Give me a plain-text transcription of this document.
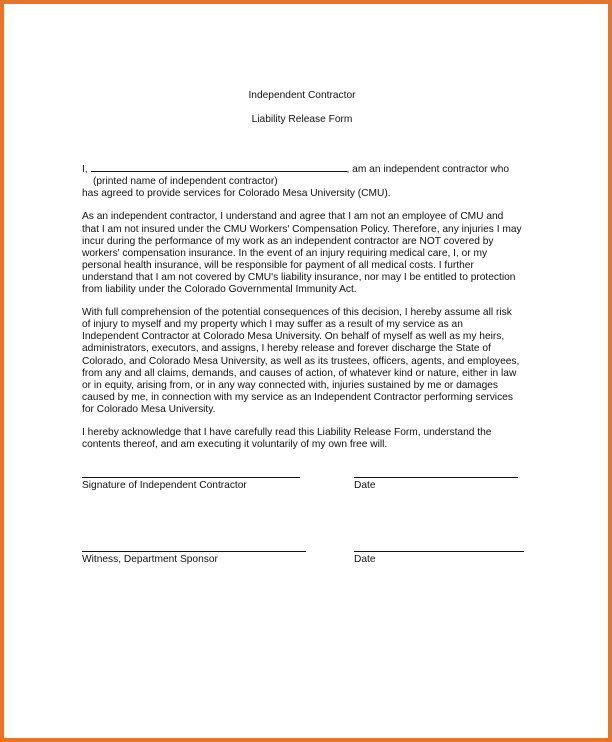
Independent Contractor

Liability Release Form

I,	, am an independent contractor who
(printed name of independent contractor)
has agreed to provide services for Colorado Mesa University (CMU).

As an independent contractor, I understand and agree that I am not an employee of CMU and that I am not insured under the CMU Workers' Compensation Policy. Therefore, any injuries I may incur during the performance of my work as an independent contractor are NOT covered by workers' compensation insurance. In the event of an injury requiring medical care, I, or my personal health insurance, will be responsible for payment of all medical costs. I further understand that I am not covered by CMU's liability insurance, nor may I be entitled to protection from liability under the Colorado Governmental Immunity Act.

With full comprehension of the potential consequences of this decision, I hereby assume all risk of injury to myself and my property which I may suffer as a result of my service as an Independent Contractor at Colorado Mesa University. On behalf of myself as well as my heirs, administrators, executors, and assigns, I hereby release and forever discharge the State of Colorado, and Colorado Mesa University, as well as its trustees, officers, agents, and employees, from any and all claims, demands, and causes of action, of whatever kind or nature, either in law or in equity, arising from, or in any way connected with, injuries sustained by me or damages caused by me, in connection with my service as an Independent Contractor performing services for Colorado Mesa University.

I hereby acknowledge that I have carefully read this Liability Release Form, understand the contents thereof, and am executing it voluntarily of my own free will.

Signature of Independent Contractor	Date
Witness, Department Sponsor	Date
